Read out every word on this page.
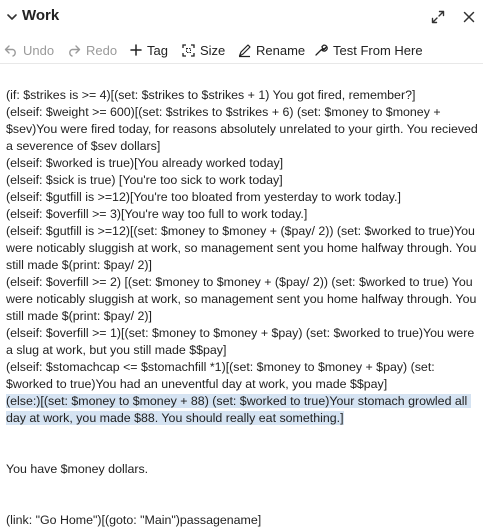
Work
Undo Redo Tag Size Rename Test From Here
(if: $strikes is >= 4)[(set: $strikes to $strikes + 1) You got fired, remember?]
(elseif: $weight >= 600)[(set: $strikes to $strikes + 6) (set: $money to $money + $sev)You were fired today, for reasons absolutely unrelated to your girth. You recieved a severence of $sev dollars]
(elseif: $worked is true)[You already worked today]
(elseif: $sick is true) [You're too sick to work today]
(elseif: $gutfill is >=12)[You're too bloated from yesterday to work today.]
(elseif: $overfill >= 3)[You're way too full to work today.]
(elseif: $gutfill is >=12)[(set: $money to $money + ($pay/ 2)) (set: $worked to true)You were noticably sluggish at work, so management sent you home halfway through. You still made $(print: $pay/ 2)]
(elseif: $overfill >= 2) [(set: $money to $money + ($pay/ 2)) (set: $worked to true) You were noticably sluggish at work, so management sent you home halfway through. You still made $(print: $pay/ 2)]
(elseif: $overfill >= 1)[(set: $money to $money + $pay) (set: $worked to true)You were a slug at work, but you still made $$pay]
(elseif: $stomachcap <= $stomachfill *1)[(set: $money to $money + $pay) (set: $worked to true)You had an uneventful day at work, you made $$pay]
(else:)[(set: $money to $money + 88) (set: $worked to true)Your stomach growled all day at work, you made $88. You should really eat something.]
You have $money dollars.
(link: "Go Home")[(goto: "Main")passagename]
